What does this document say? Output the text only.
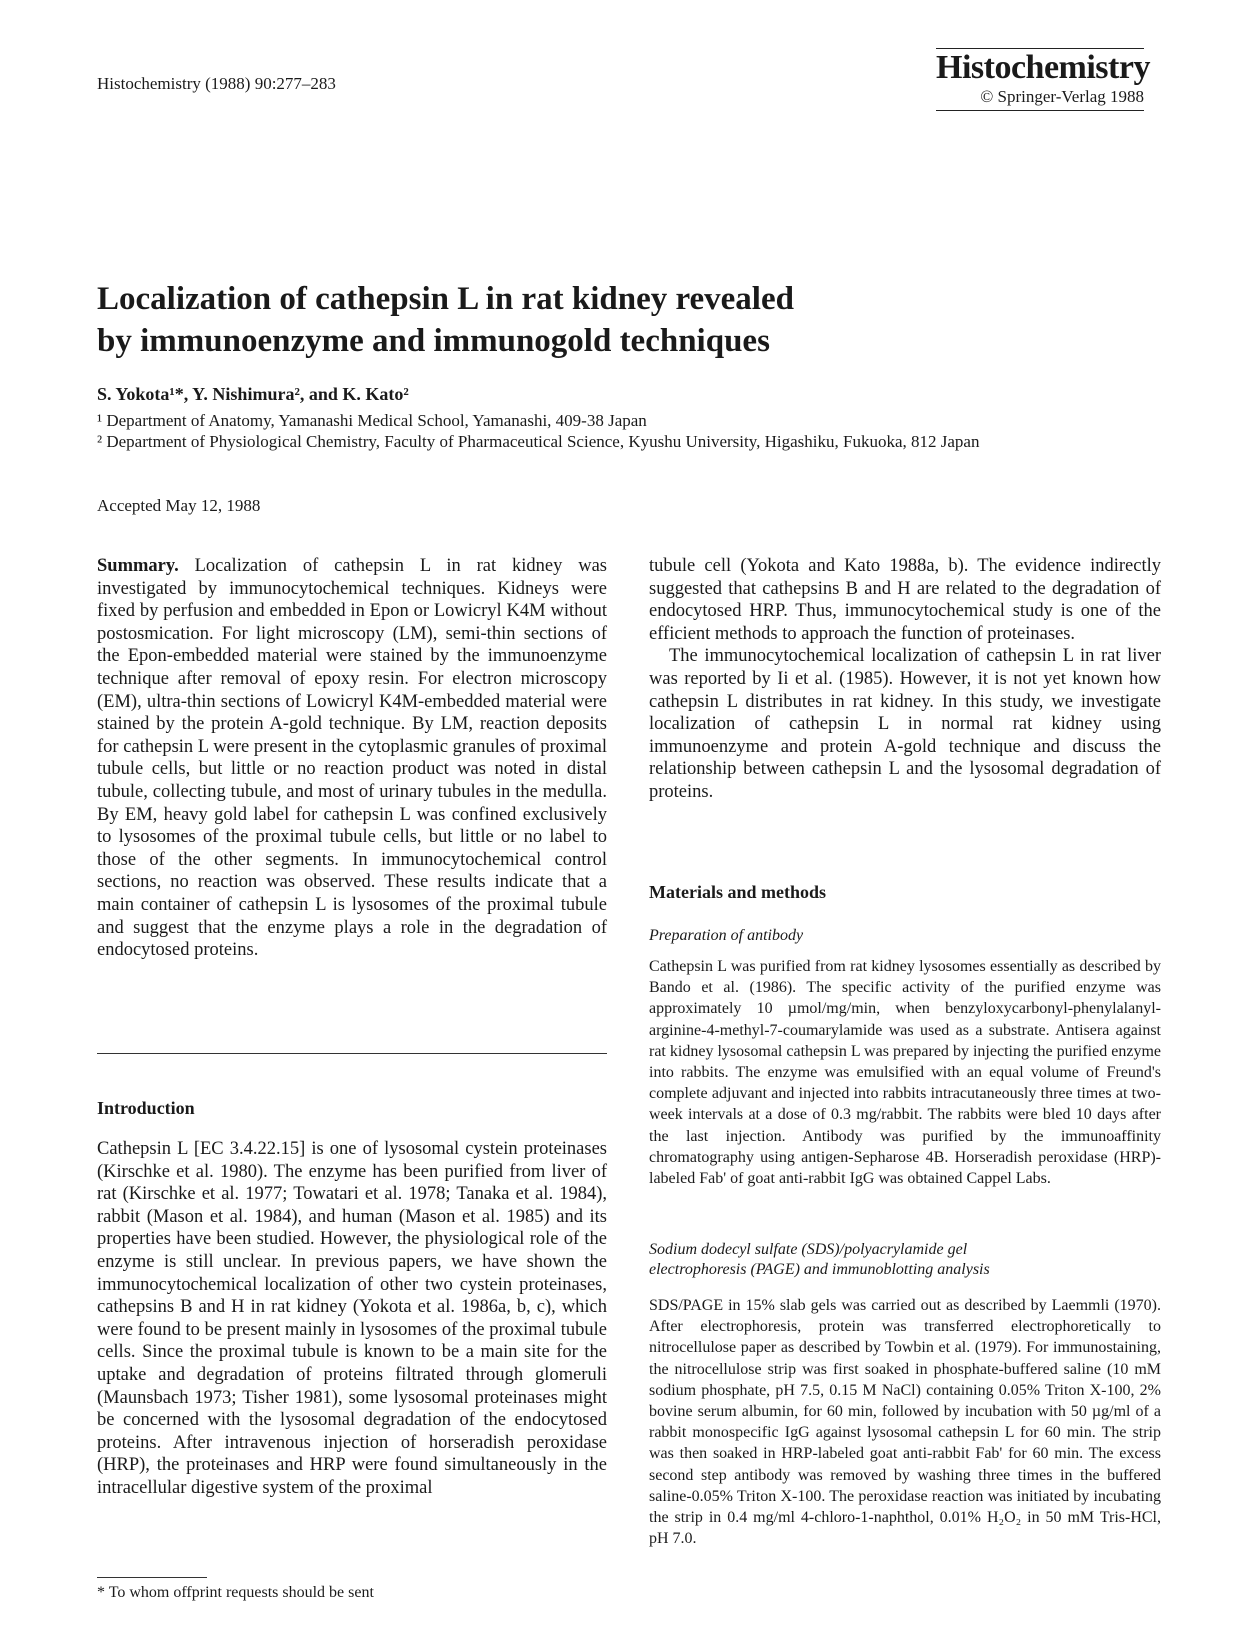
Histochemistry (1988) 90:277–283	Histochemistry
© Springer-Verlag 1988
Localization of cathepsin L in rat kidney revealed
by immunoenzyme and immunogold techniques
S. Yokota¹*, Y. Nishimura², and K. Kato²
¹ Department of Anatomy, Yamanashi Medical School, Yamanashi, 409-38 Japan
² Department of Physiological Chemistry, Faculty of Pharmaceutical Science, Kyushu University, Higashiku, Fukuoka, 812 Japan
Accepted May 12, 1988

Summary. Localization of cathepsin L in rat kidney was investigated by immunocytochemical techniques. Kidneys were fixed by perfusion and embedded in Epon or Lowicryl K4M without postosmication. For light microscopy (LM), semi-thin sections of the Epon-embedded material were stained by the immunoenzyme technique after removal of epoxy resin. For electron microscopy (EM), ultra-thin sections of Lowicryl K4M-embedded material were stained by the protein A-gold technique. By LM, reaction deposits for cathepsin L were present in the cytoplasmic granules of proximal tubule cells, but little or no reaction product was noted in distal tubule, collecting tubule, and most of urinary tubules in the medulla. By EM, heavy gold label for cathepsin L was confined exclusively to lysosomes of the proximal tubule cells, but little or no label to those of the other segments. In immunocytochemical control sections, no reaction was observed. These results indicate that a main container of cathepsin L is lysosomes of the proximal tubule and suggest that the enzyme plays a role in the degradation of endocytosed proteins.

Introduction

Cathepsin L [EC 3.4.22.15] is one of lysosomal cystein proteinases (Kirschke et al. 1980). The enzyme has been purified from liver of rat (Kirschke et al. 1977; Towatari et al. 1978; Tanaka et al. 1984), rabbit (Mason et al. 1984), and human (Mason et al. 1985) and its properties have been studied. However, the physiological role of the enzyme is still unclear. In previous papers, we have shown the immunocytochemical localization of other two cystein proteinases, cathepsins B and H in rat kidney (Yokota et al. 1986a, b, c), which were found to be present mainly in lysosomes of the proximal tubule cells. Since the proximal tubule is known to be a main site for the uptake and degradation of proteins filtrated through glomeruli (Maunsbach 1973; Tisher 1981), some lysosomal proteinases might be concerned with the lysosomal degradation of the endocytosed proteins. After intravenous injection of horseradish peroxidase (HRP), the proteinases and HRP were found simultaneously in the intracellular digestive system of the proximal

* To whom offprint requests should be sent

tubule cell (Yokota and Kato 1988a, b). The evidence indirectly suggested that cathepsins B and H are related to the degradation of endocytosed HRP. Thus, immunocytochemical study is one of the efficient methods to approach the function of proteinases.

The immunocytochemical localization of cathepsin L in rat liver was reported by Ii et al. (1985). However, it is not yet known how cathepsin L distributes in rat kidney. In this study, we investigate localization of cathepsin L in normal rat kidney using immunoenzyme and protein A-gold technique and discuss the relationship between cathepsin L and the lysosomal degradation of proteins.

Materials and methods
Preparation of antibody

Cathepsin L was purified from rat kidney lysosomes essentially as described by Bando et al. (1986). The specific activity of the purified enzyme was approximately 10 µmol/mg/min, when benzyloxycarbonyl-phenylalanyl-arginine-4-methyl-7-coumarylamide was used as a substrate. Antisera against rat kidney lysosomal cathepsin L was prepared by injecting the purified enzyme into rabbits. The enzyme was emulsified with an equal volume of Freund's complete adjuvant and injected into rabbits intracutaneously three times at two-week intervals at a dose of 0.3 mg/rabbit. The rabbits were bled 10 days after the last injection. Antibody was purified by the immunoaffinity chromatography using antigen-Sepharose 4B. Horseradish peroxidase (HRP)-labeled Fab' of goat anti-rabbit IgG was obtained Cappel Labs.

Sodium dodecyl sulfate (SDS)/polyacrylamide gel
electrophoresis (PAGE) and immunoblotting analysis

SDS/PAGE in 15% slab gels was carried out as described by Laemmli (1970). After electrophoresis, protein was transferred electrophoretically to nitrocellulose paper as described by Towbin et al. (1979). For immunostaining, the nitrocellulose strip was first soaked in phosphate-buffered saline (10 mM sodium phosphate, pH 7.5, 0.15 M NaCl) containing 0.05% Triton X-100, 2% bovine serum albumin, for 60 min, followed by incubation with 50 µg/ml of a rabbit monospecific IgG against lysosomal cathepsin L for 60 min. The strip was then soaked in HRP-labeled goat anti-rabbit Fab' for 60 min. The excess second step antibody was removed by washing three times in the buffered saline-0.05% Triton X-100. The peroxidase reaction was initiated by incubating the strip in 0.4 mg/ml 4-chloro-1-naphthol, 0.01% H₂O₂ in 50 mM Tris-HCl, pH 7.0.
